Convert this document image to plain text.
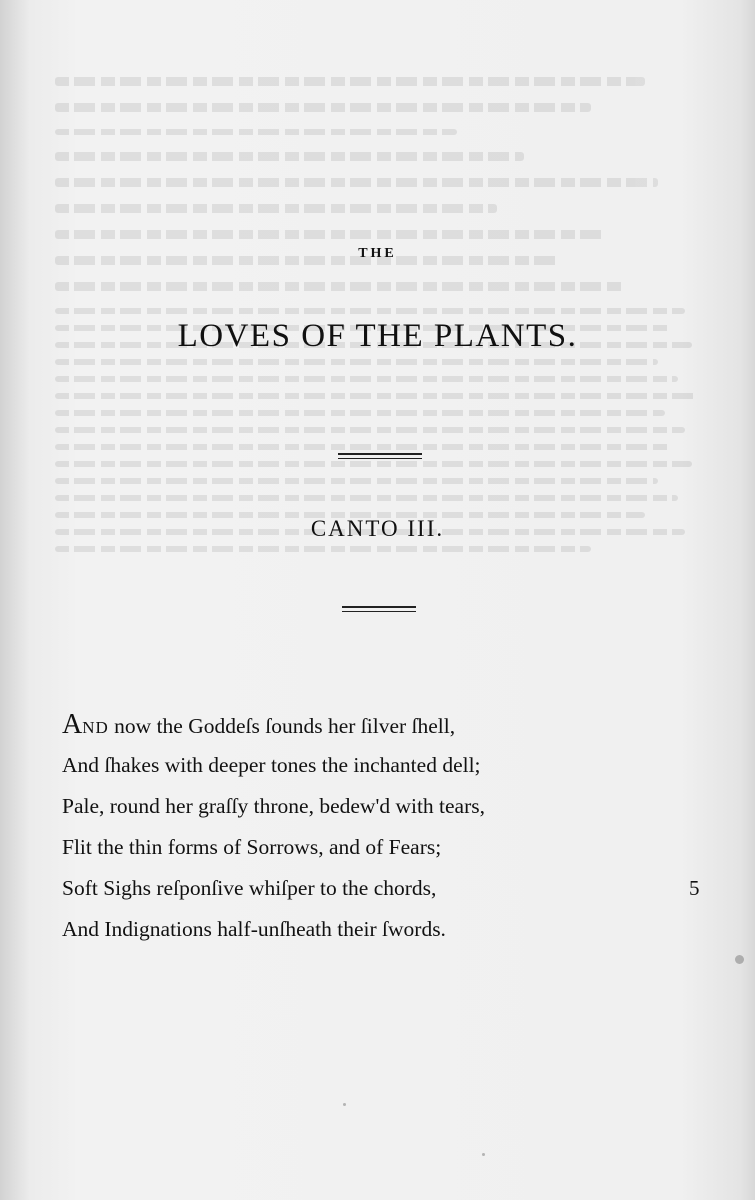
THE
LOVES OF THE PLANTS.
CANTO III.
AND now the Goddeſs ſounds her ſilver ſhell,
And ſhakes with deeper tones the inchanted dell;
Pale, round her graſſy throne, bedew'd with tears,
Flit the thin forms of Sorrows, and of Fears;
Soft Sighs reſponſive whiſper to the chords,	5
And Indignations half-unſheath their ſwords.
